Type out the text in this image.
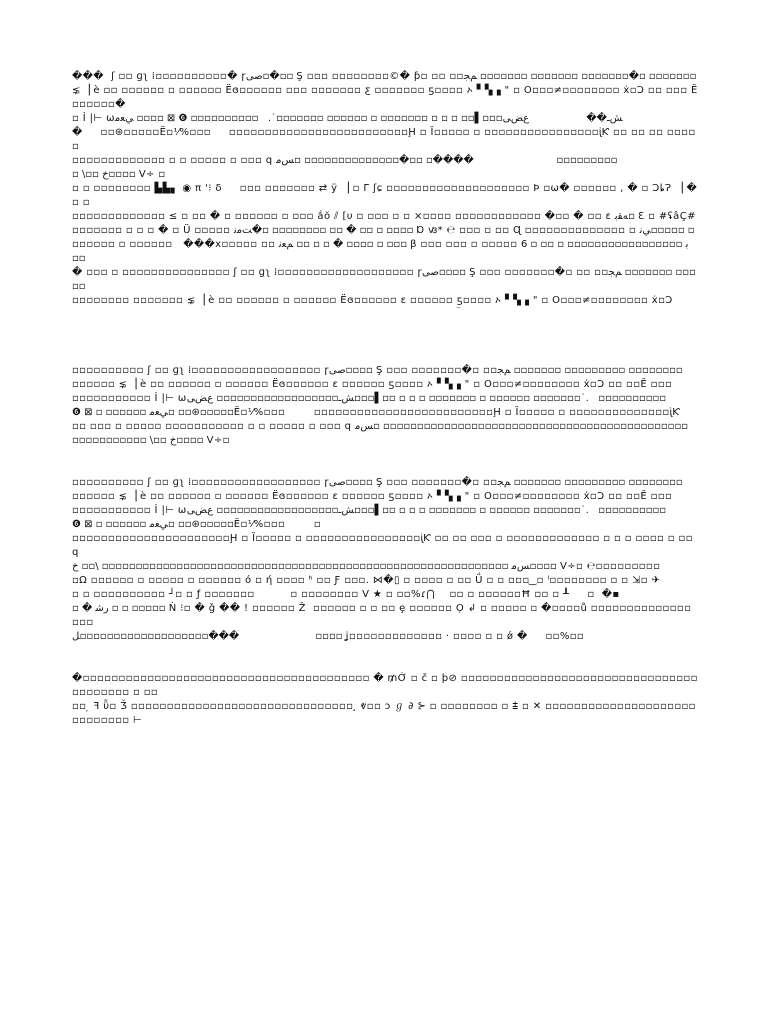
���  ʃ ▫▫ ɡʅ ⁞▫▫▫▫▫▫▫▫▫▫� ɼصی▫�▫▫ Ş ▫▫▫ ▫▫▫▫▫▫▫▫©� ƥ▫ ▫▫ ▫▫ﻢﺠ ▫▫▫▫▫▫▫ ▫▫▫▫▫▫▫ ▫▫▫▫▫▫▫�▫ ▫▫▫▫▫▫▫
⋦  ⎢ѐ ▫▫ ▫▫▫▫▫▫ ▫ ▫▫▫▫▫▫ Ëɞ▫▫▫▫▫▫ ▫▫▫ ▫▫▫▫▫▫▫ ƹ ▫▫▫▫▫▫▫ ƽ▫▫▫▫ ኦ ▘▚▗ " ▫ O▫▫▫≠▫▫▫▫▫▫▫▫ ẋ▫Ɔ ▫▫ ▫▫▫ Ȇ ▫▫▫▫▫▫�
▫ İ |⊢ ѡﺶـ��                  ﻉﺾﻰ▫▫▫▌▫▫ ▫ ▫ ▫ ▫▫▫▫▫▫▫ ▫ ▫▫▫▫▫▫ ▫▫▫▫▫▫▫˙.   ▫▫▫▫▫▫▫▫▫▫ ❻ ⊠ ▫▫▫▫ ﻲﻌﻣ
�     ▫▫⊛▫▫▫▫▫Ë▫⅟%▫▫▫     ▫▫▫▫▫▫▫▫▫▫▫▫▫▫▫▫▫▫▫▫▫▫▫▫▫Ḩ ▫ Ȉ▫▫▫▫▫ ▫ ▫▫▫▫▫▫▫▫▫▫▫▫▫▫▫▫ᶖƘ ▫▫ ▫▫ ▫▫ ▫▫▫▫▫
▫▫▫▫▫▫▫▫▫▫▫▫▫ ▫ ▫ ▫▫▫▫▫ ▫ ▫▫▫ q ﺲﻣ▫ ▫▫▫▫▫▫▫▫▫▫▫▫▫▫�▫▫ ▫����                          ▫▫▫▫▫▫▫▫▫
▫ \▫▫ ﺥ▫▫▫▫ V÷ ▫
▫ ▫ ▫▫▫▫▫▫▫▫ ▙▙▖ ◉ π '⁝ δ     ▫▫▫ ▫▫▫▫▫▫▫ ⇄ ÿ ▕ ▫ Γ ʃɕ ▫▫▫▫▫▫▫▫▫▫▫▫▫▫▫▫▫▫▫▫ Ϸ ▫ω� ▫▫▫▫▫▫ , � ▫ ƆȴɁ ▕ � ▫ ▫
▫▫▫▫▫▫▫▫▫▫▫▫▫ ≤ ▫ ▫▫ � ▫ ▫▫▫▫▫▫ ▫ ▫▫▫ ắŏ ⫽ [υ ▫ ▫▫▫ ▫ ▫ ⨯▫▫▫▫ ▫▫▫▫▫▫▫▫▫▫▫▫ �▫▫ � ▫▫ ε ﻪﻘﺑ▫ Ꜫ ▫ #ʢâÇ#
▫▫▫▫▫▫▫ ▫ ▫ ▫ � ▫ Ü ▫▫▫▫▫ ﺖﻣﻧ�▫ ▫▫▫▫▫▫▫▫ ▫▫ � ▫▫ ▫ ▫▫▫▫ Ɒ ꟃ* ℮ ▫▫▫ ▫ ▫▫ Ɋ ▫▫▫▫▫▫▫▫▫▫▫▫▫▫ ▫ ﻲﻧ▫▫▫▫▫ ▫
▫▫▫▫▫▫ ▫ ▫▫▫▫▫▫   ���ⅹ▫▫▫▫▫ ▫▫ ﻢﻌﻧ ▫▫ ▫ ▫ � ▫▫▫▫ ▫ ▫▫▫ β ▫▫▫ ▫▫▫ ▫ ▫▫▫▫▫ ﺑ ▫▫▫▫▫▫▫▫▫▫▫▫▫▫▫▫▫ ▫ ▫▫ ▫ 6 ▫▫
� ▫▫▫ ▫ ▫▫▫▫▫▫▫▫▫▫▫▫▫▫▫ ʃ ▫▫ ɡʅ ⁞▫▫▫▫▫▫▫▫▫▫▫▫▫▫▫▫▫▫▫ ɼصی▫▫▫▫ Ş ▫▫▫ ▫▫▫▫▫▫▫�▫ ▫▫ ▫▫ﻢﺠ ▫▫▫▫▫▫▫ ▫▫▫▫▫
▫▫▫▫▫▫▫▫ ▫▫▫▫▫▫▫ ⋦  ⎢ѐ ▫▫ ▫▫▫▫▫▫ ▫ ▫▫▫▫▫▫ Ëɞ▫▫▫▫▫▫ ɛ ▫▫▫▫▫▫ ƽ▫▫▫▫ ኦ ▘▚▗ " ▫ O▫▫▫≠▫▫▫▫▫▫▫▫ ẋ▫Ɔ
▫▫▫▫▫▫▫▫▫▫ ʃ ▫▫ ɡʅ ⁞▫▫▫▫▫▫▫▫▫▫▫▫▫▫▫▫▫▫ ɼصی▫▫▫▫ Ş ▫▫▫ ▫▫▫▫▫▫▫�▫ ▫▫ﻢﺠ ▫▫▫▫▫▫▫ ▫▫▫▫▫▫▫▫▫ ▫▫▫▫▫▫▫▫
▫▫▫▫▫▫ ⋦  ⎢ѐ ▫▫ ▫▫▫▫▫▫ ▫ ▫▫▫▫▫▫ Ëɞ▫▫▫▫▫▫ ɛ ▫▫▫▫▫▫ ƽ▫▫▫▫ ኦ ▘▚▗ " ▫ O▫▫▫≠▫▫▫▫▫▫▫▫ ẋ▫Ɔ ▫▫ ▫▫Ȇ ▫▫▫
▫▫▫▫▫▫▫▫▫▫▫ İ |⊢ ѡﺶـ▫▫▫▫▫▫▫▫▫▫▫▫▫▫▫▫▫▫ ﻉﺾﻰ▫▫▫▌▫▫ ▫ ▫ ▫ ▫▫▫▫▫▫▫ ▫ ▫▫▫▫▫▫ ▫▫▫▫▫▫▫˙.   ▫▫▫▫▫▫▫▫▫▫
❻ ⊠ ▫ ▫▫▫▫▫▫ ﻲﻌﻣ▫ ▫▫⊛▫▫▫▫▫Ë▫⅟%▫▫▫        ▫▫▫▫▫▫▫▫▫▫▫▫▫▫▫▫▫▫▫▫▫▫▫▫▫Ḩ ▫ Ȉ▫▫▫▫▫ ▫ ▫▫▫▫▫▫▫▫▫▫▫▫▫▫ᶖƘ
▫▫ ▫▫▫ ▫ ▫▫▫▫▫ ▫▫▫▫▫▫▫▫▫▫▫ ▫ ▫ ▫▫▫▫▫ ▫ ▫▫▫ q ﺲﻣ▫ ▫▫▫▫▫▫▫▫▫▫▫▫▫▫▫▫▫▫▫▫▫▫▫▫▫▫▫▫▫▫▫▫▫▫▫▫▫▫▫▫▫▫▫▫▫
▫▫▫▫▫▫▫▫▫▫▫ \▫▫ ﺥ▫▫▫▫ V÷▫
▫▫▫▫▫▫▫▫▫▫ ʃ ▫▫ ɡʅ ⁞▫▫▫▫▫▫▫▫▫▫▫▫▫▫▫▫▫▫ ɼصی▫▫▫▫ Ş ▫▫▫ ▫▫▫▫▫▫▫�▫ ▫▫ﻢﺠ ▫▫▫▫▫▫▫ ▫▫▫▫▫▫▫▫▫ ▫▫▫▫▫▫▫▫
▫▫▫▫▫▫ ⋦  ⎢ѐ ▫▫ ▫▫▫▫▫▫ ▫ ▫▫▫▫▫▫ Ëɞ▫▫▫▫▫▫ ɛ ▫▫▫▫▫▫ ƽ▫▫▫▫ ኦ ▘▚▗ " ▫ O▫▫▫≠▫▫▫▫▫▫▫▫ ẋ▫Ɔ ▫▫ ▫▫Ȇ ▫▫▫
▫▫▫▫▫▫▫▫▫▫▫ İ |⊢ ѡﺶـ▫▫▫▫▫▫▫▫▫▫▫▫▫▫▫▫▫▫ ﻉﺾﻰ▫▫▫▌▫▫ ▫ ▫ ▫ ▫▫▫▫▫▫▫ ▫ ▫▫▫▫▫▫ ▫▫▫▫▫▫▫˙.   ▫▫▫▫▫▫▫▫▫▫
❻ ⊠ ▫ ▫▫▫▫▫▫ ﻲﻌﻣ▫ ▫▫⊛▫▫▫▫▫Ë▫⅟%▫▫▫        ▫
▫▫▫▫▫▫▫▫▫▫▫▫▫▫▫▫▫▫▫▫▫▫Ḩ ▫ Ȉ▫▫▫▫▫ ▫ ▫▫▫▫▫▫▫▫▫▫▫▫▫▫▫▫ᶖƘ ▫▫ ▫▫ ▫▫▫ ▫ ▫▫▫▫▫▫▫▫▫▫▫▫▫ ▫ ▫ ▫ ▫▫▫▫ ▫ ▫▫ q
ﺲﻣ ▫▫▫▫▫▫▫▫▫▫▫▫▫▫▫▫▫▫▫▫▫▫▫▫▫▫▫▫▫▫▫▫▫▫▫▫▫▫▫▫▫▫▫▫▫▫▫▫▫▫▫▫▫▫▫▫▫▫▫▫ \▫▫ ﺥ▫▫▫▫ V÷▫ ℮▫▫▫▫▫▫▫▫▫
▫Ω ▫▫▫▫▫▫ ▫ ▫▫▫▫▫ ▫ ▫▫▫▫▫▫ ó ▫ ή ▫▫▫▫ ʰ ▫▫ Ƒ ▫▫▫. ⋈�▯ ▫ ▫▫▫▫ ▫ ▫▫ Ǘ ▫ ▫ ▫▫▫ ͜ ▫ ˡ▫▫▫▫▫▫▫▫ ▫ ▫ ⇲▫ ✈
▫ ▫ ▫▫▫▫▫▫▫▫▫▫ ┘▫ ▫ ƒ ▫▫▫▫▫▫▫          ▫ ▫▫▫▫▫▫▫▫ V ★ ▫ ▫▫%ɾ⋂    ▫▫ ▫ ▫▫▫▫▫▫Ħ ▫▫ ▫ ┸     ▫  �▪
▫ � ﺭﺷ ▫ ▫ ▫▫▫▫▫ Ṅ ⁝▫ � ǧ �� ! ▫▫▫▫▫▫ Ẑ  ▫▫▫▫▫▫ ▫ ▫ ▫▫ ȩ ▫▫▫▫▫▫ Ọ ↲ ▫ ▫▫▫▫▫ ▫ �▫▫▫▫ů ▫▫▫▫▫▫▫▫▫▫▫▫▫▫▫▫▫
ﻞ▫▫▫▫▫▫▫▫▫▫▫▫▫▫▫▫▫▫▫���                        ▫▫▫▫ ʝ▫▫▫▫▫▫▫▫▫▫▫▫▫ · ▫▫▫▫ ▫ ▫ ǿ �     ▫▫%▫▫
�▫▫▫▫▫▫▫▫▫▫▫▫▫▫▫▫▫▫▫▫▫▫▫▫▫▫▫▫▫▫▫▫▫▫▫▫▫▫▫▫ � ₥Ở ▫ č ▫ ϸ⊘ ▫▫▫▫▫▫▫▫▫▫▫▫▫▫▫▫▫▫▫▫▫▫▫▫▫▫▫▫▫▫▫▫▫▫▫▫▫▫▫▫▫ ▫ ▫▫
▫▫ ̦ ꟻ ῧ▫ Ǯ ▫▫▫▫▫▫▫▫▫▫▫▫▫▫▫▫▫▫▫▫▫▫▫▫▫▫▫▫▫▫▫ ̧ ⱴ▫▫ ᴐ ℊ ∂ ⊱ ▫ ▫▫▫▫▫▫▫▫ ▫ ⩲ ▫ ✕ ▫▫▫▫▫▫▫▫▫▫▫▫▫▫▫▫▫▫▫▫▫▫▫▫▫▫▫▫▫ ⊢
